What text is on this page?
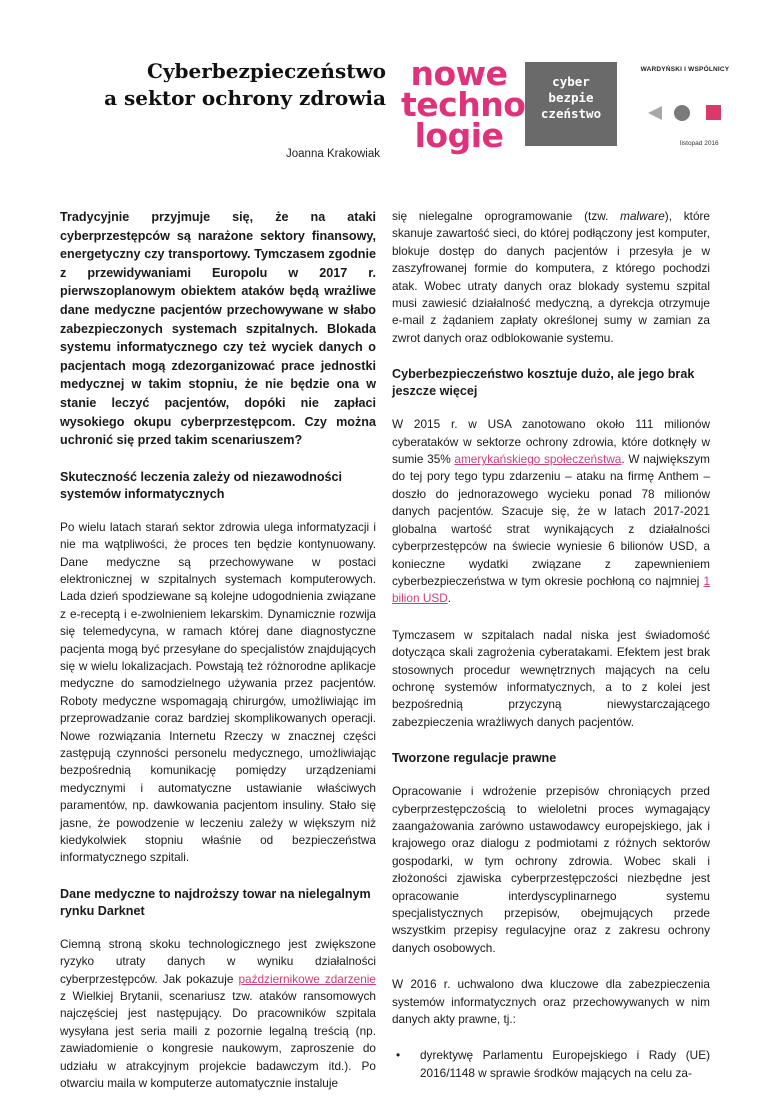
Cyberbezpieczeństwo
a sektor ochrony zdrowia
Joanna Krakowiak
nowe
techno
logie
cyber
bezpie
czeństwo
WARDYŃSKI I WSPÓLNICY
listopad 2016

Tradycyjnie przyjmuje się, że na ataki cyberprzestępców są narażone sektory finansowy, energetyczny czy transportowy. Tymczasem zgodnie z przewidywaniami Europolu w 2017 r. pierwszoplanowym obiektem ataków będą wrażliwe dane medyczne pacjentów przechowywane w słabo zabezpieczonych systemach szpitalnych. Blokada systemu informatycznego czy też wyciek danych o pacjentach mogą zdezorganizować prace jednostki medycznej w takim stopniu, że nie będzie ona w stanie leczyć pacjentów, dopóki nie zapłaci wysokiego okupu cyberprzestępcom. Czy można uchronić się przed takim scenariuszem?

Skuteczność leczenia zależy od niezawodności systemów informatycznych

Po wielu latach starań sektor zdrowia ulega informatyzacji i nie ma wątpliwości, że proces ten będzie kontynuowany. Dane medyczne są przechowywane w postaci elektronicznej w szpitalnych systemach komputerowych. Lada dzień spodziewane są kolejne udogodnienia związane z e-receptą i e-zwolnieniem lekarskim. Dynamicznie rozwija się telemedycyna, w ramach której dane diagnostyczne pacjenta mogą być przesyłane do specjalistów znajdujących się w wielu lokalizacjach. Powstają też różnorodne aplikacje medyczne do samodzielnego używania przez pacjentów. Roboty medyczne wspomagają chirurgów, umożliwiając im przeprowadzanie coraz bardziej skomplikowanych operacji. Nowe rozwiązania Internetu Rzeczy w znacznej części zastępują czynności personelu medycznego, umożliwiając bezpośrednią komunikację pomiędzy urządzeniami medycznymi i automatyczne ustawianie właściwych paramentów, np. dawkowania pacjentom insuliny. Stało się jasne, że powodzenie w leczeniu zależy w większym niż kiedykolwiek stopniu właśnie od bezpieczeństwa informatycznego szpitali.

Dane medyczne to najdroższy towar na nielegalnym rynku Darknet

Ciemną stroną skoku technologicznego jest zwiększone ryzyko utraty danych w wyniku działalności cyberprzestępców. Jak pokazuje październikowe zdarzenie z Wielkiej Brytanii, scenariusz tzw. ataków ransomowych najczęściej jest następujący. Do pracowników szpitala wysyłana jest seria maili z pozornie legalną treścią (np. zawiadomienie o kongresie naukowym, zaproszenie do udziału w atrakcyjnym projekcie badawczym itd.). Po otwarciu maila w komputerze automatycznie instaluje

się nielegalne oprogramowanie (tzw. malware), które skanuje zawartość sieci, do której podłączony jest komputer, blokuje dostęp do danych pacjentów i przesyła je w zaszyfrowanej formie do komputera, z którego pochodzi atak. Wobec utraty danych oraz blokady systemu szpital musi zawiesić działalność medyczną, a dyrekcja otrzymuje e-mail z żądaniem zapłaty określonej sumy w zamian za zwrot danych oraz odblokowanie systemu.

Cyberbezpieczeństwo kosztuje dużo, ale jego brak jeszcze więcej

W 2015 r. w USA zanotowano około 111 milionów cyberataków w sektorze ochrony zdrowia, które dotknęły w sumie 35% amerykańskiego społeczeństwa. W największym do tej pory tego typu zdarzeniu – ataku na firmę Anthem – doszło do jednorazowego wycieku ponad 78 milionów danych pacjentów. Szacuje się, że w latach 2017-2021 globalna wartość strat wynikających z działalności cyberprzestępców na świecie wyniesie 6 bilionów USD, a konieczne wydatki związane z zapewnieniem cyberbezpieczeństwa w tym okresie pochłoną co najmniej 1 bilion USD.

Tymczasem w szpitalach nadal niska jest świadomość dotycząca skali zagrożenia cyberatakami. Efektem jest brak stosownych procedur wewnętrznych mających na celu ochronę systemów informatycznych, a to z kolei jest bezpośrednią przyczyną niewystarczającego zabezpieczenia wrażliwych danych pacjentów.

Tworzone regulacje prawne

Opracowanie i wdrożenie przepisów chroniących przed cyberprzestępczością to wieloletni proces wymagający zaangażowania zarówno ustawodawcy europejskiego, jak i krajowego oraz dialogu z podmiotami z różnych sektorów gospodarki, w tym ochrony zdrowia. Wobec skali i złożoności zjawiska cyberprzestępczości niezbędne jest opracowanie interdyscyplinarnego systemu specjalistycznych przepisów, obejmujących przede wszystkim przepisy regulacyjne oraz z zakresu ochrony danych osobowych.

W 2016 r. uchwalono dwa kluczowe dla zabezpieczenia systemów informatycznych oraz przechowywanych w nim danych akty prawne, tj.:

• dyrektywę Parlamentu Europejskiego i Rady (UE) 2016/1148 w sprawie środków mających na celu za-
